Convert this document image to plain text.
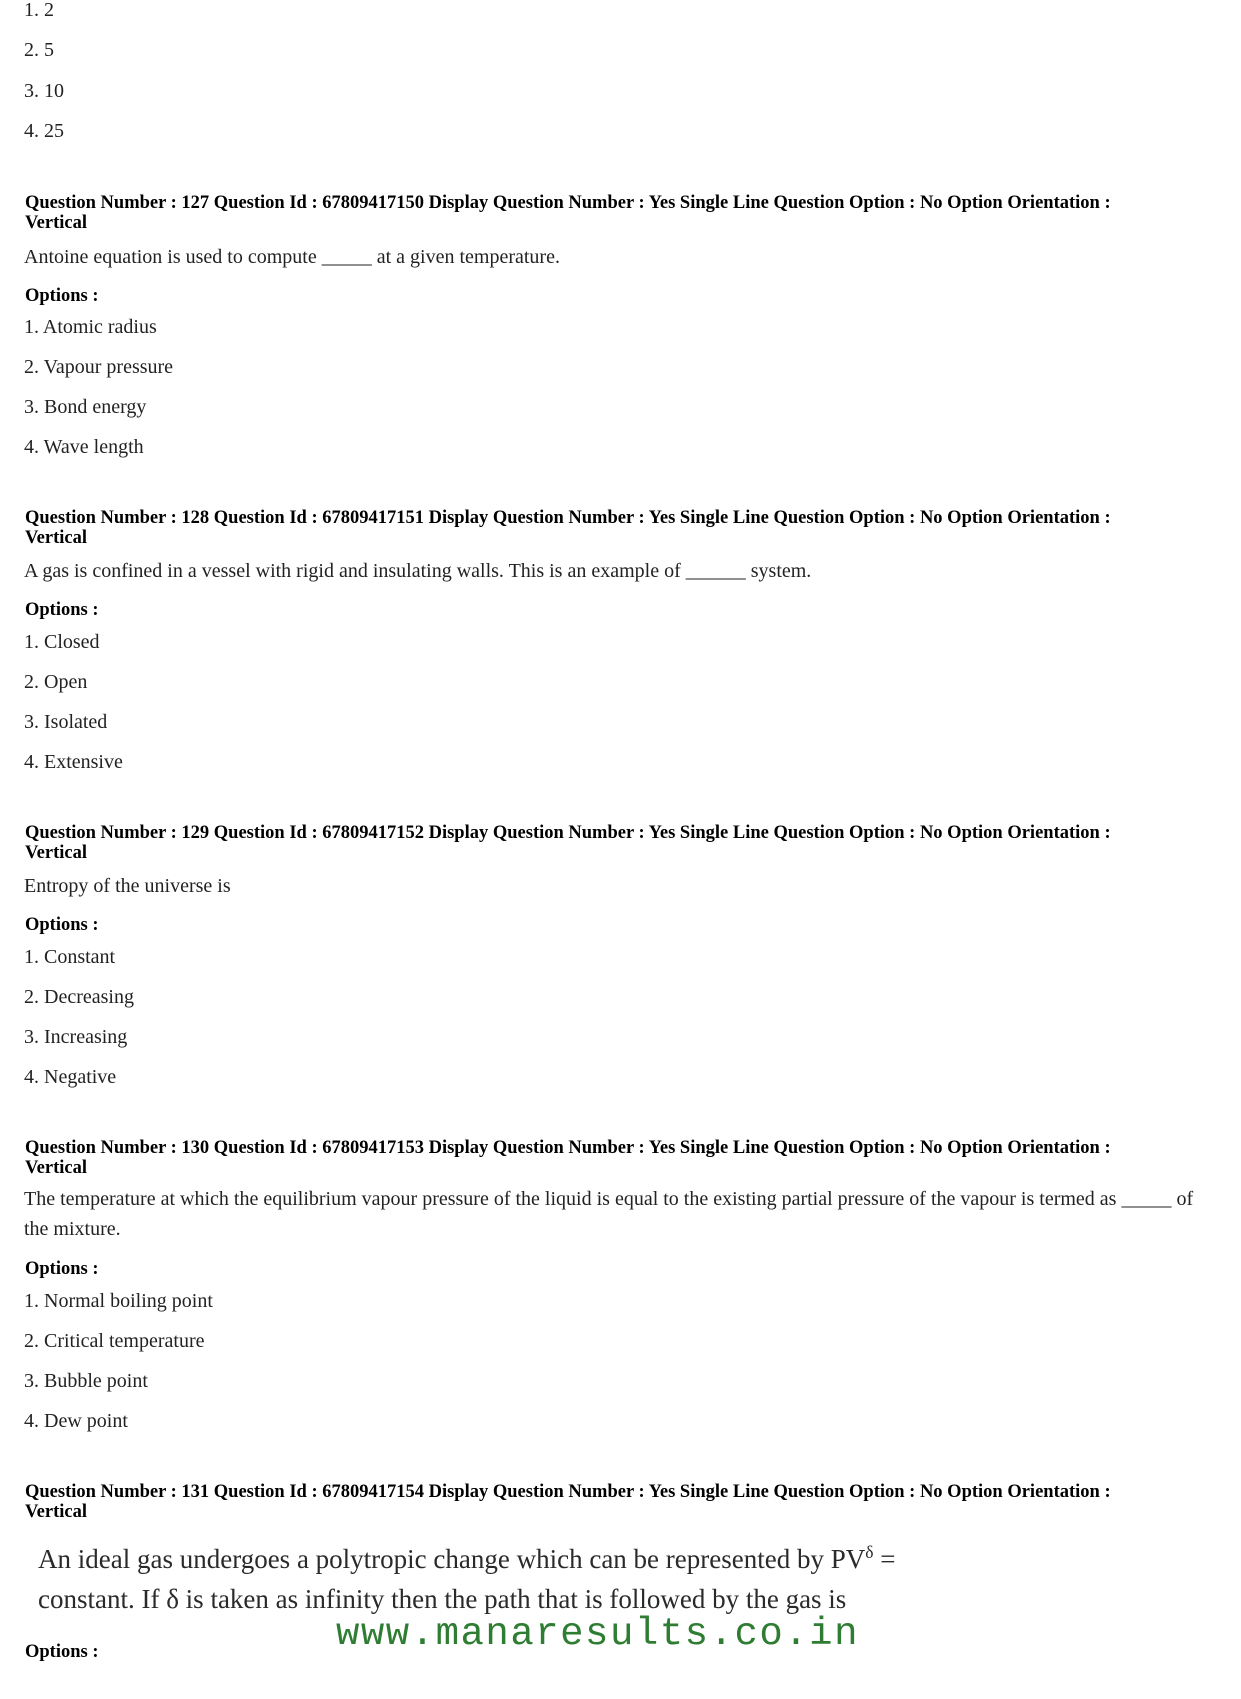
1. 2
2. 5
3. 10
4. 25
Question Number : 127 Question Id : 67809417150 Display Question Number : Yes Single Line Question Option : No Option Orientation : Vertical
Antoine equation is used to compute _____ at a given temperature.
Options :
1. Atomic radius
2. Vapour pressure
3. Bond energy
4. Wave length
Question Number : 128 Question Id : 67809417151 Display Question Number : Yes Single Line Question Option : No Option Orientation : Vertical
A gas is confined in a vessel with rigid and insulating walls. This is an example of ______ system.
Options :
1. Closed
2. Open
3. Isolated
4. Extensive
Question Number : 129 Question Id : 67809417152 Display Question Number : Yes Single Line Question Option : No Option Orientation : Vertical
Entropy of the universe is
Options :
1. Constant
2. Decreasing
3. Increasing
4. Negative
Question Number : 130 Question Id : 67809417153 Display Question Number : Yes Single Line Question Option : No Option Orientation : Vertical
The temperature at which the equilibrium vapour pressure of the liquid is equal to the existing partial pressure of the vapour is termed as _____ of the mixture.
Options :
1. Normal boiling point
2. Critical temperature
3. Bubble point
4. Dew point
Question Number : 131 Question Id : 67809417154 Display Question Number : Yes Single Line Question Option : No Option Orientation : Vertical
An ideal gas undergoes a polytropic change which can be represented by $PV^\delta$ =
constant. If δ is taken as infinity then the path that is followed by the gas is
Options :	www.manaresults.co.in
